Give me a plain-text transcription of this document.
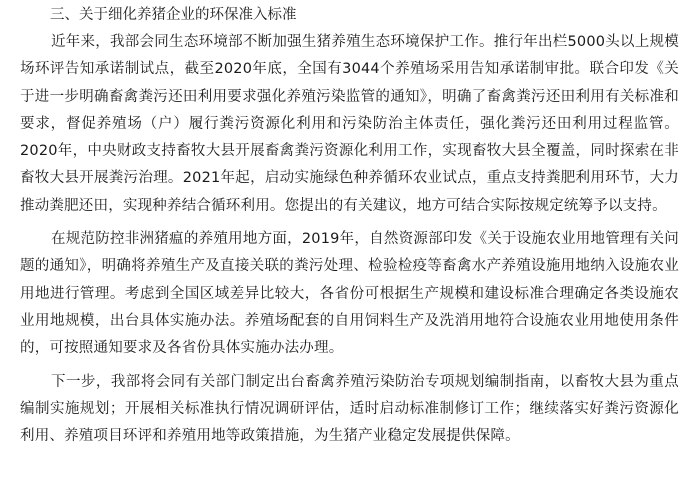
三、关于细化养猪企业的环保准入标准

近年来，我部会同生态环境部不断加强生猪养殖生态环境保护工作。推行年出栏5000头以上规模场环评告知承诺制试点，截至2020年底，全国有3044个养殖场采用告知承诺制审批。联合印发《关于进一步明确畜禽粪污还田利用要求强化养殖污染监管的通知》，明确了畜禽粪污还田利用有关标准和要求，督促养殖场（户）履行粪污资源化利用和污染防治主体责任，强化粪污还田利用过程监管。2020年，中央财政支持畜牧大县开展畜禽粪污资源化利用工作，实现畜牧大县全覆盖，同时探索在非畜牧大县开展粪污治理。2021年起，启动实施绿色种养循环农业试点，重点支持粪肥利用环节，大力推动粪肥还田，实现种养结合循环利用。您提出的有关建议，地方可结合实际按规定统筹予以支持。

在规范防控非洲猪瘟的养殖用地方面，2019年，自然资源部印发《关于设施农业用地管理有关问题的通知》，明确将养殖生产及直接关联的粪污处理、检验检疫等畜禽水产养殖设施用地纳入设施农业用地进行管理。考虑到全国区域差异比较大，各省份可根据生产规模和建设标准合理确定各类设施农业用地规模，出台具体实施办法。养殖场配套的自用饲料生产及洗消用地符合设施农业用地使用条件的，可按照通知要求及各省份具体实施办法办理。

下一步，我部将会同有关部门制定出台畜禽养殖污染防治专项规划编制指南，以畜牧大县为重点编制实施规划；开展相关标准执行情况调研评估，适时启动标准制修订工作；继续落实好粪污资源化利用、养殖项目环评和养殖用地等政策措施，为生猪产业稳定发展提供保障。
